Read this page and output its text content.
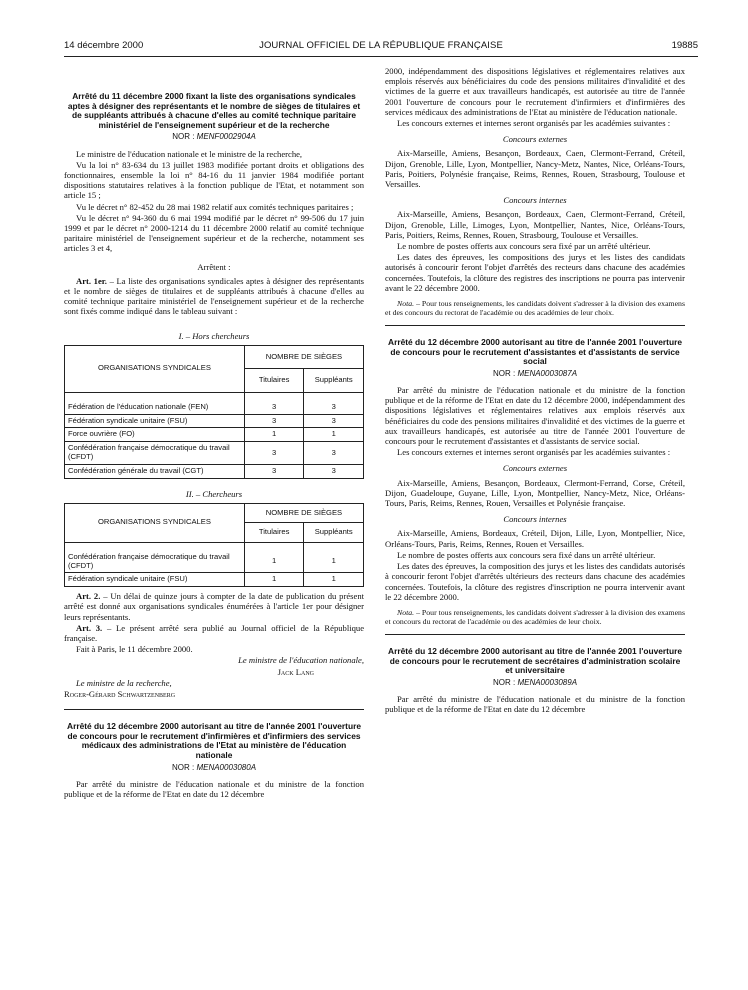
14 décembre 2000	JOURNAL OFFICIEL DE LA RÉPUBLIQUE FRANÇAISE	19885
Arrêté du 11 décembre 2000 fixant la liste des organisations syndicales aptes à désigner des représentants et le nombre de sièges de titulaires et de suppléants attribués à chacune d'elles au comité technique paritaire ministériel de l'enseignement supérieur et de la recherche
NOR : MENF0002904A

Le ministre de l'éducation nationale et le ministre de la recherche,

Vu la loi n° 83-634 du 13 juillet 1983 modifiée portant droits et obligations des fonctionnaires, ensemble la loi n° 84-16 du 11 janvier 1984 modifiée portant dispositions statutaires relatives à la fonction publique de l'Etat, et notamment son article 15 ;

Vu le décret n° 82-452 du 28 mai 1982 relatif aux comités techniques paritaires ;

Vu le décret n° 94-360 du 6 mai 1994 modifié par le décret n° 99-506 du 17 juin 1999 et par le décret n° 2000-1214 du 11 décembre 2000 relatif au comité technique paritaire ministériel de l'enseignement supérieur et de la recherche, notamment ses articles 3 et 4,

Arrêtent :

Art. 1er. – La liste des organisations syndicales aptes à désigner des représentants et le nombre de sièges de titulaires et de suppléants attribués à chacune d'elles au comité technique paritaire ministériel de l'enseignement supérieur et de la recherche sont fixés comme indiqué dans le tableau suivant :

I. – Hors chercheurs
ORGANISATIONS SYNDICALES	NOMBRE DE SIÈGES	
	Titulaires	Suppléants
Fédération de l'éducation nationale (FEN)	3	3
Fédération syndicale unitaire (FSU)	3	3
Force ouvrière (FO)	1	1
Confédération française démocratique du travail (CFDT)	3	3
Confédération générale du travail (CGT)	3	3
II. – Chercheurs
ORGANISATIONS SYNDICALES	NOMBRE DE SIÈGES	
	Titulaires	Suppléants
Confédération française démocratique du travail (CFDT)	1	1
Fédération syndicale unitaire (FSU)	1	1

Art. 2. – Un délai de quinze jours à compter de la date de publication du présent arrêté est donné aux organisations syndicales énumérées à l'article 1er pour désigner leurs représentants.

Art. 3. – Le présent arrêté sera publié au Journal officiel de la République française.

Fait à Paris, le 11 décembre 2000.

Le ministre de l'éducation nationale,

Jack Lang

Le ministre de la recherche,

Roger-Gérard Schwartzenberg

Arrêté du 12 décembre 2000 autorisant au titre de l'année 2001 l'ouverture de concours pour le recrutement d'infirmières et d'infirmiers des services médicaux des administrations de l'Etat au ministère de l'éducation nationale
NOR : MENA0003080A

Par arrêté du ministre de l'éducation nationale et du ministre de la fonction publique et de la réforme de l'Etat en date du 12 décembre

2000, indépendamment des dispositions législatives et réglementaires relatives aux emplois réservés aux bénéficiaires du code des pensions militaires d'invalidité et des victimes de la guerre et aux travailleurs handicapés, est autorisée au titre de l'année 2001 l'ouverture de concours pour le recrutement d'infirmiers et d'infirmières des services médicaux des administrations de l'Etat au ministère de l'éducation nationale.

Les concours externes et internes seront organisés par les académies suivantes :

Concours externes

Aix-Marseille, Amiens, Besançon, Bordeaux, Caen, Clermont-Ferrand, Créteil, Dijon, Grenoble, Lille, Lyon, Montpellier, Nancy-Metz, Nantes, Nice, Orléans-Tours, Paris, Poitiers, Polynésie française, Reims, Rennes, Rouen, Strasbourg, Toulouse et Versailles.

Concours internes

Aix-Marseille, Amiens, Besançon, Bordeaux, Caen, Clermont-Ferrand, Créteil, Dijon, Grenoble, Lille, Limoges, Lyon, Montpellier, Nantes, Nice, Orléans-Tours, Paris, Poitiers, Reims, Rennes, Rouen, Strasbourg, Toulouse et Versailles.

Le nombre de postes offerts aux concours sera fixé par un arrêté ultérieur.

Les dates des épreuves, les compositions des jurys et les listes des candidats autorisés à concourir feront l'objet d'arrêtés des recteurs dans chacune des académies concernées. Toutefois, la clôture des registres des inscriptions ne pourra pas intervenir avant le 22 décembre 2000.

Nota. – Pour tous renseignements, les candidats doivent s'adresser à la division des examens et des concours du rectorat de l'académie ou des académies de leur choix.
Arrêté du 12 décembre 2000 autorisant au titre de l'année 2001 l'ouverture de concours pour le recrutement d'assistantes et d'assistants de service social
NOR : MENA0003087A

Par arrêté du ministre de l'éducation nationale et du ministre de la fonction publique et de la réforme de l'Etat en date du 12 décembre 2000, indépendamment des dispositions législatives et réglementaires relatives aux emplois réservés aux bénéficiaires du code des pensions militaires d'invalidité et des victimes de la guerre et aux travailleurs handicapés, est autorisée au titre de l'année 2001 l'ouverture de concours pour le recrutement d'assistantes et d'assistants de service social.

Les concours externes et internes seront organisés par les académies suivantes :

Concours externes

Aix-Marseille, Amiens, Besançon, Bordeaux, Clermont-Ferrand, Corse, Créteil, Dijon, Guadeloupe, Guyane, Lille, Lyon, Montpellier, Nancy-Metz, Nice, Orléans-Tours, Paris, Reims, Rennes, Rouen, Versailles et Polynésie française.

Concours internes

Aix-Marseille, Amiens, Bordeaux, Créteil, Dijon, Lille, Lyon, Montpellier, Nice, Orléans-Tours, Paris, Reims, Rennes, Rouen et Versailles.

Le nombre de postes offerts aux concours sera fixé dans un arrêté ultérieur.

Les dates des épreuves, la composition des jurys et les listes des candidats autorisés à concourir feront l'objet d'arrêtés ultérieurs des recteurs dans chacune des académies concernées. Toutefois, la clôture des registres d'inscription ne pourra intervenir avant le 22 décembre 2000.

Nota. – Pour tous renseignements, les candidats doivent s'adresser à la division des examens et concours du rectorat de l'académie ou des académies de leur choix.
Arrêté du 12 décembre 2000 autorisant au titre de l'année 2001 l'ouverture de concours pour le recrutement de secrétaires d'administration scolaire et universitaire
NOR : MENA0003089A

Par arrêté du ministre de l'éducation nationale et du ministre de la fonction publique et de la réforme de l'Etat en date du 12 décembre
